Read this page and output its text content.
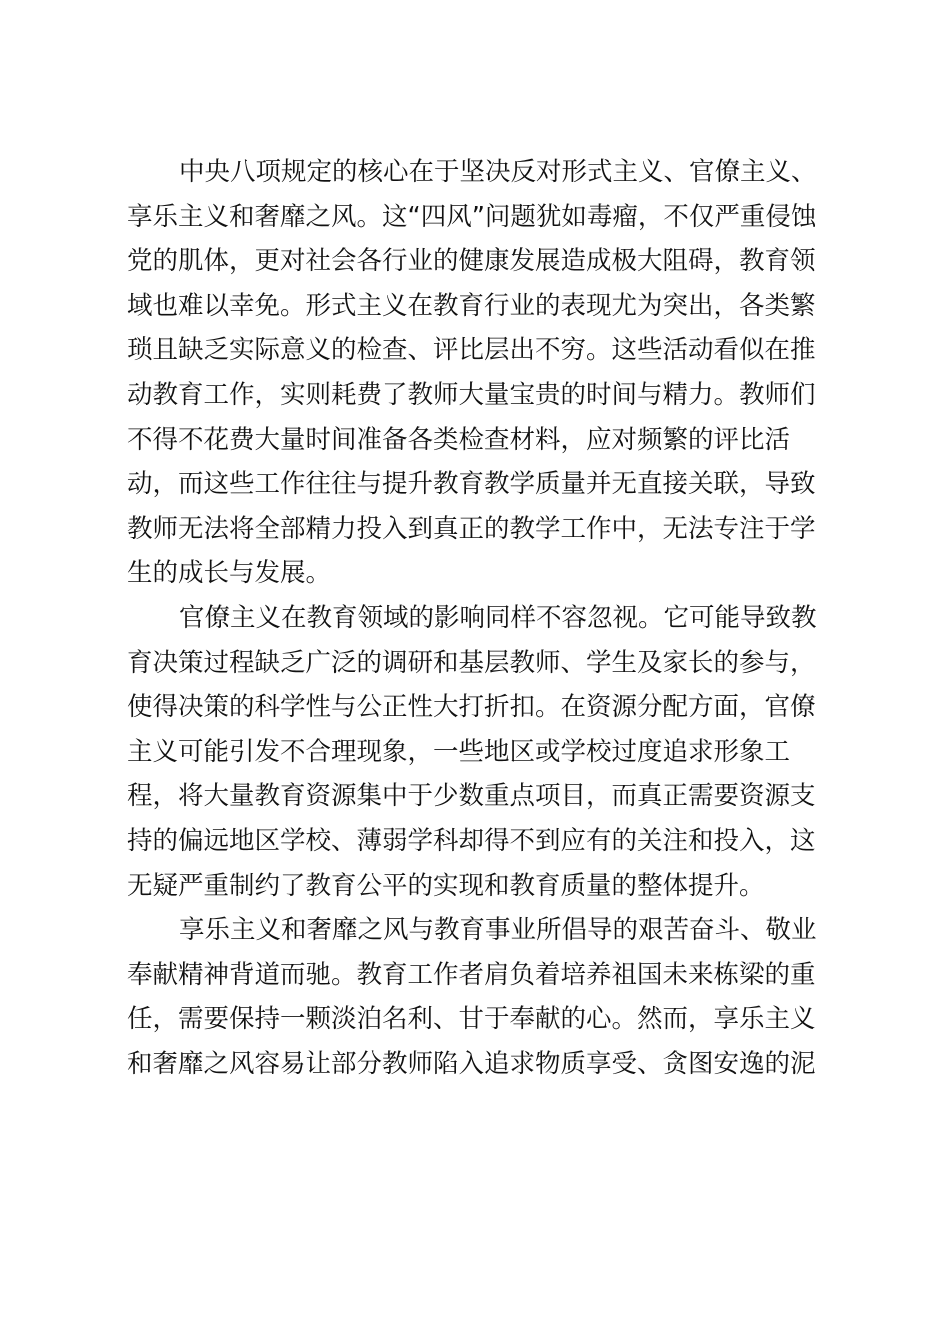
中央八项规定的核心在于坚决反对形式主义、官僚主义、
享乐主义和奢靡之风。这“四风”问题犹如毒瘤，不仅严重侵蚀
党的肌体，更对社会各行业的健康发展造成极大阻碍，教育领
域也难以幸免。形式主义在教育行业的表现尤为突出，各类繁
琐且缺乏实际意义的检查、评比层出不穷。这些活动看似在推
动教育工作，实则耗费了教师大量宝贵的时间与精力。教师们
不得不花费大量时间准备各类检查材料，应对频繁的评比活
动，而这些工作往往与提升教育教学质量并无直接关联，导致
教师无法将全部精力投入到真正的教学工作中，无法专注于学
生的成长与发展。
官僚主义在教育领域的影响同样不容忽视。它可能导致教
育决策过程缺乏广泛的调研和基层教师、学生及家长的参与，
使得决策的科学性与公正性大打折扣。在资源分配方面，官僚
主义可能引发不合理现象，一些地区或学校过度追求形象工
程，将大量教育资源集中于少数重点项目，而真正需要资源支
持的偏远地区学校、薄弱学科却得不到应有的关注和投入，这
无疑严重制约了教育公平的实现和教育质量的整体提升。
享乐主义和奢靡之风与教育事业所倡导的艰苦奋斗、敬业
奉献精神背道而驰。教育工作者肩负着培养祖国未来栋梁的重
任，需要保持一颗淡泊名利、甘于奉献的心。然而，享乐主义
和奢靡之风容易让部分教师陷入追求物质享受、贪图安逸的泥
